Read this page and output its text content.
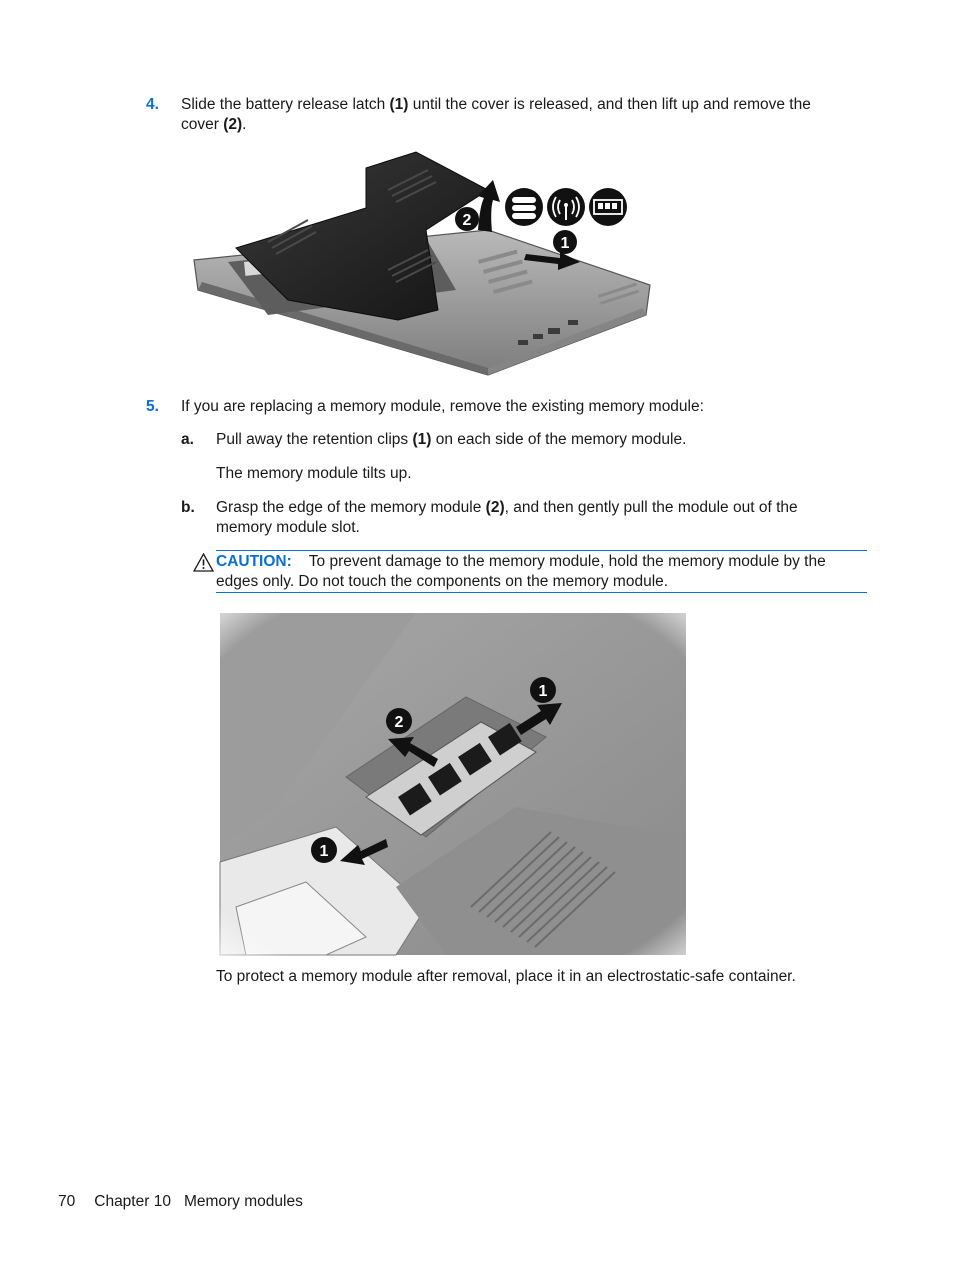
4. Slide the battery release latch (1) until the cover is released, and then lift up and remove the
cover (2).
2
1
5. If you are replacing a memory module, remove the existing memory module:
a. Pull away the retention clips (1) on each side of the memory module.
The memory module tilts up.
b. Grasp the edge of the memory module (2), and then gently pull the module out of the
memory module slot.
CAUTION: To prevent damage to the memory module, hold the memory module by the
edges only. Do not touch the components on the memory module.
To protect a memory module after removal, place it in an electrostatic-safe container.
70 Chapter 10 Memory modules
